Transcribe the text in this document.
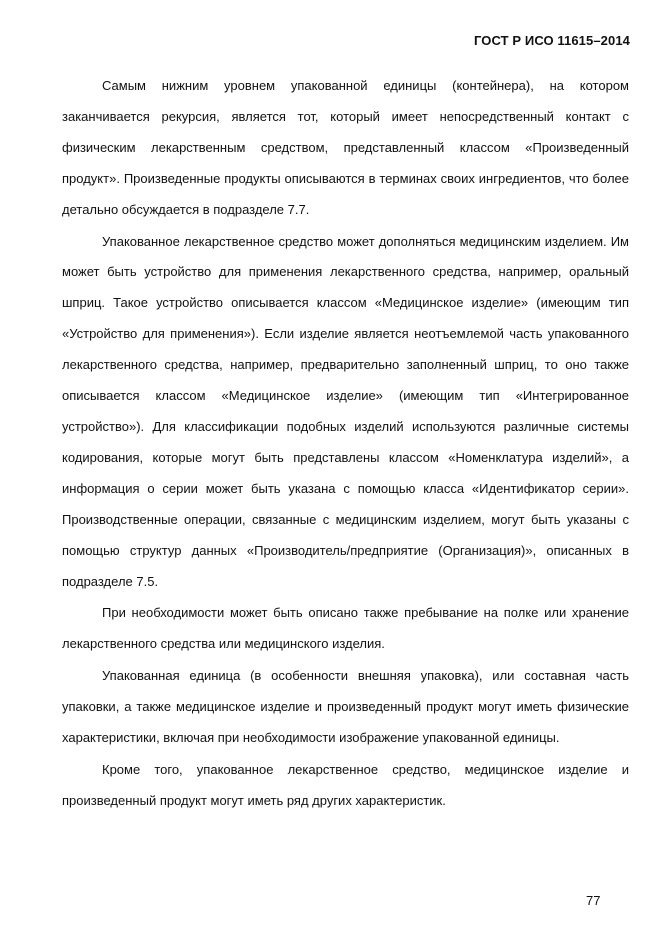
ГОСТ Р ИСО 11615–2014

Самым нижним уровнем упакованной единицы (контейнера), на котором заканчивается рекурсия, является тот, который имеет непосредственный контакт с физическим лекарственным средством, представленный классом «Произведенный продукт». Произведенные продукты описываются в терминах своих ингредиентов, что более детально обсуждается в подразделе 7.7.

Упакованное лекарственное средство может дополняться медицинским изделием. Им может быть устройство для применения лекарственного средства, например, оральный шприц. Такое устройство описывается классом «Медицинское изделие» (имеющим тип «Устройство для применения»). Если изделие является неотъемлемой часть упакованного лекарственного средства, например, предварительно заполненный шприц, то оно также описывается классом «Медицинское изделие» (имеющим тип «Интегрированное устройство»). Для классификации подобных изделий используются различные системы кодирования, которые могут быть представлены классом «Номенклатура изделий», а информация о серии может быть указана с помощью класса «Идентификатор серии». Производственные операции, связанные с медицинским изделием, могут быть указаны с помощью структур данных «Производитель/предприятие (Организация)», описанных в подразделе 7.5.

При необходимости может быть описано также пребывание на полке или хранение лекарственного средства или медицинского изделия.

Упакованная единица (в особенности внешняя упаковка), или составная часть упаковки, а также медицинское изделие и произведенный продукт могут иметь физические характеристики, включая при необходимости изображение упакованной единицы.

Кроме того, упакованное лекарственное средство, медицинское изделие и произведенный продукт могут иметь ряд других характеристик.

77
